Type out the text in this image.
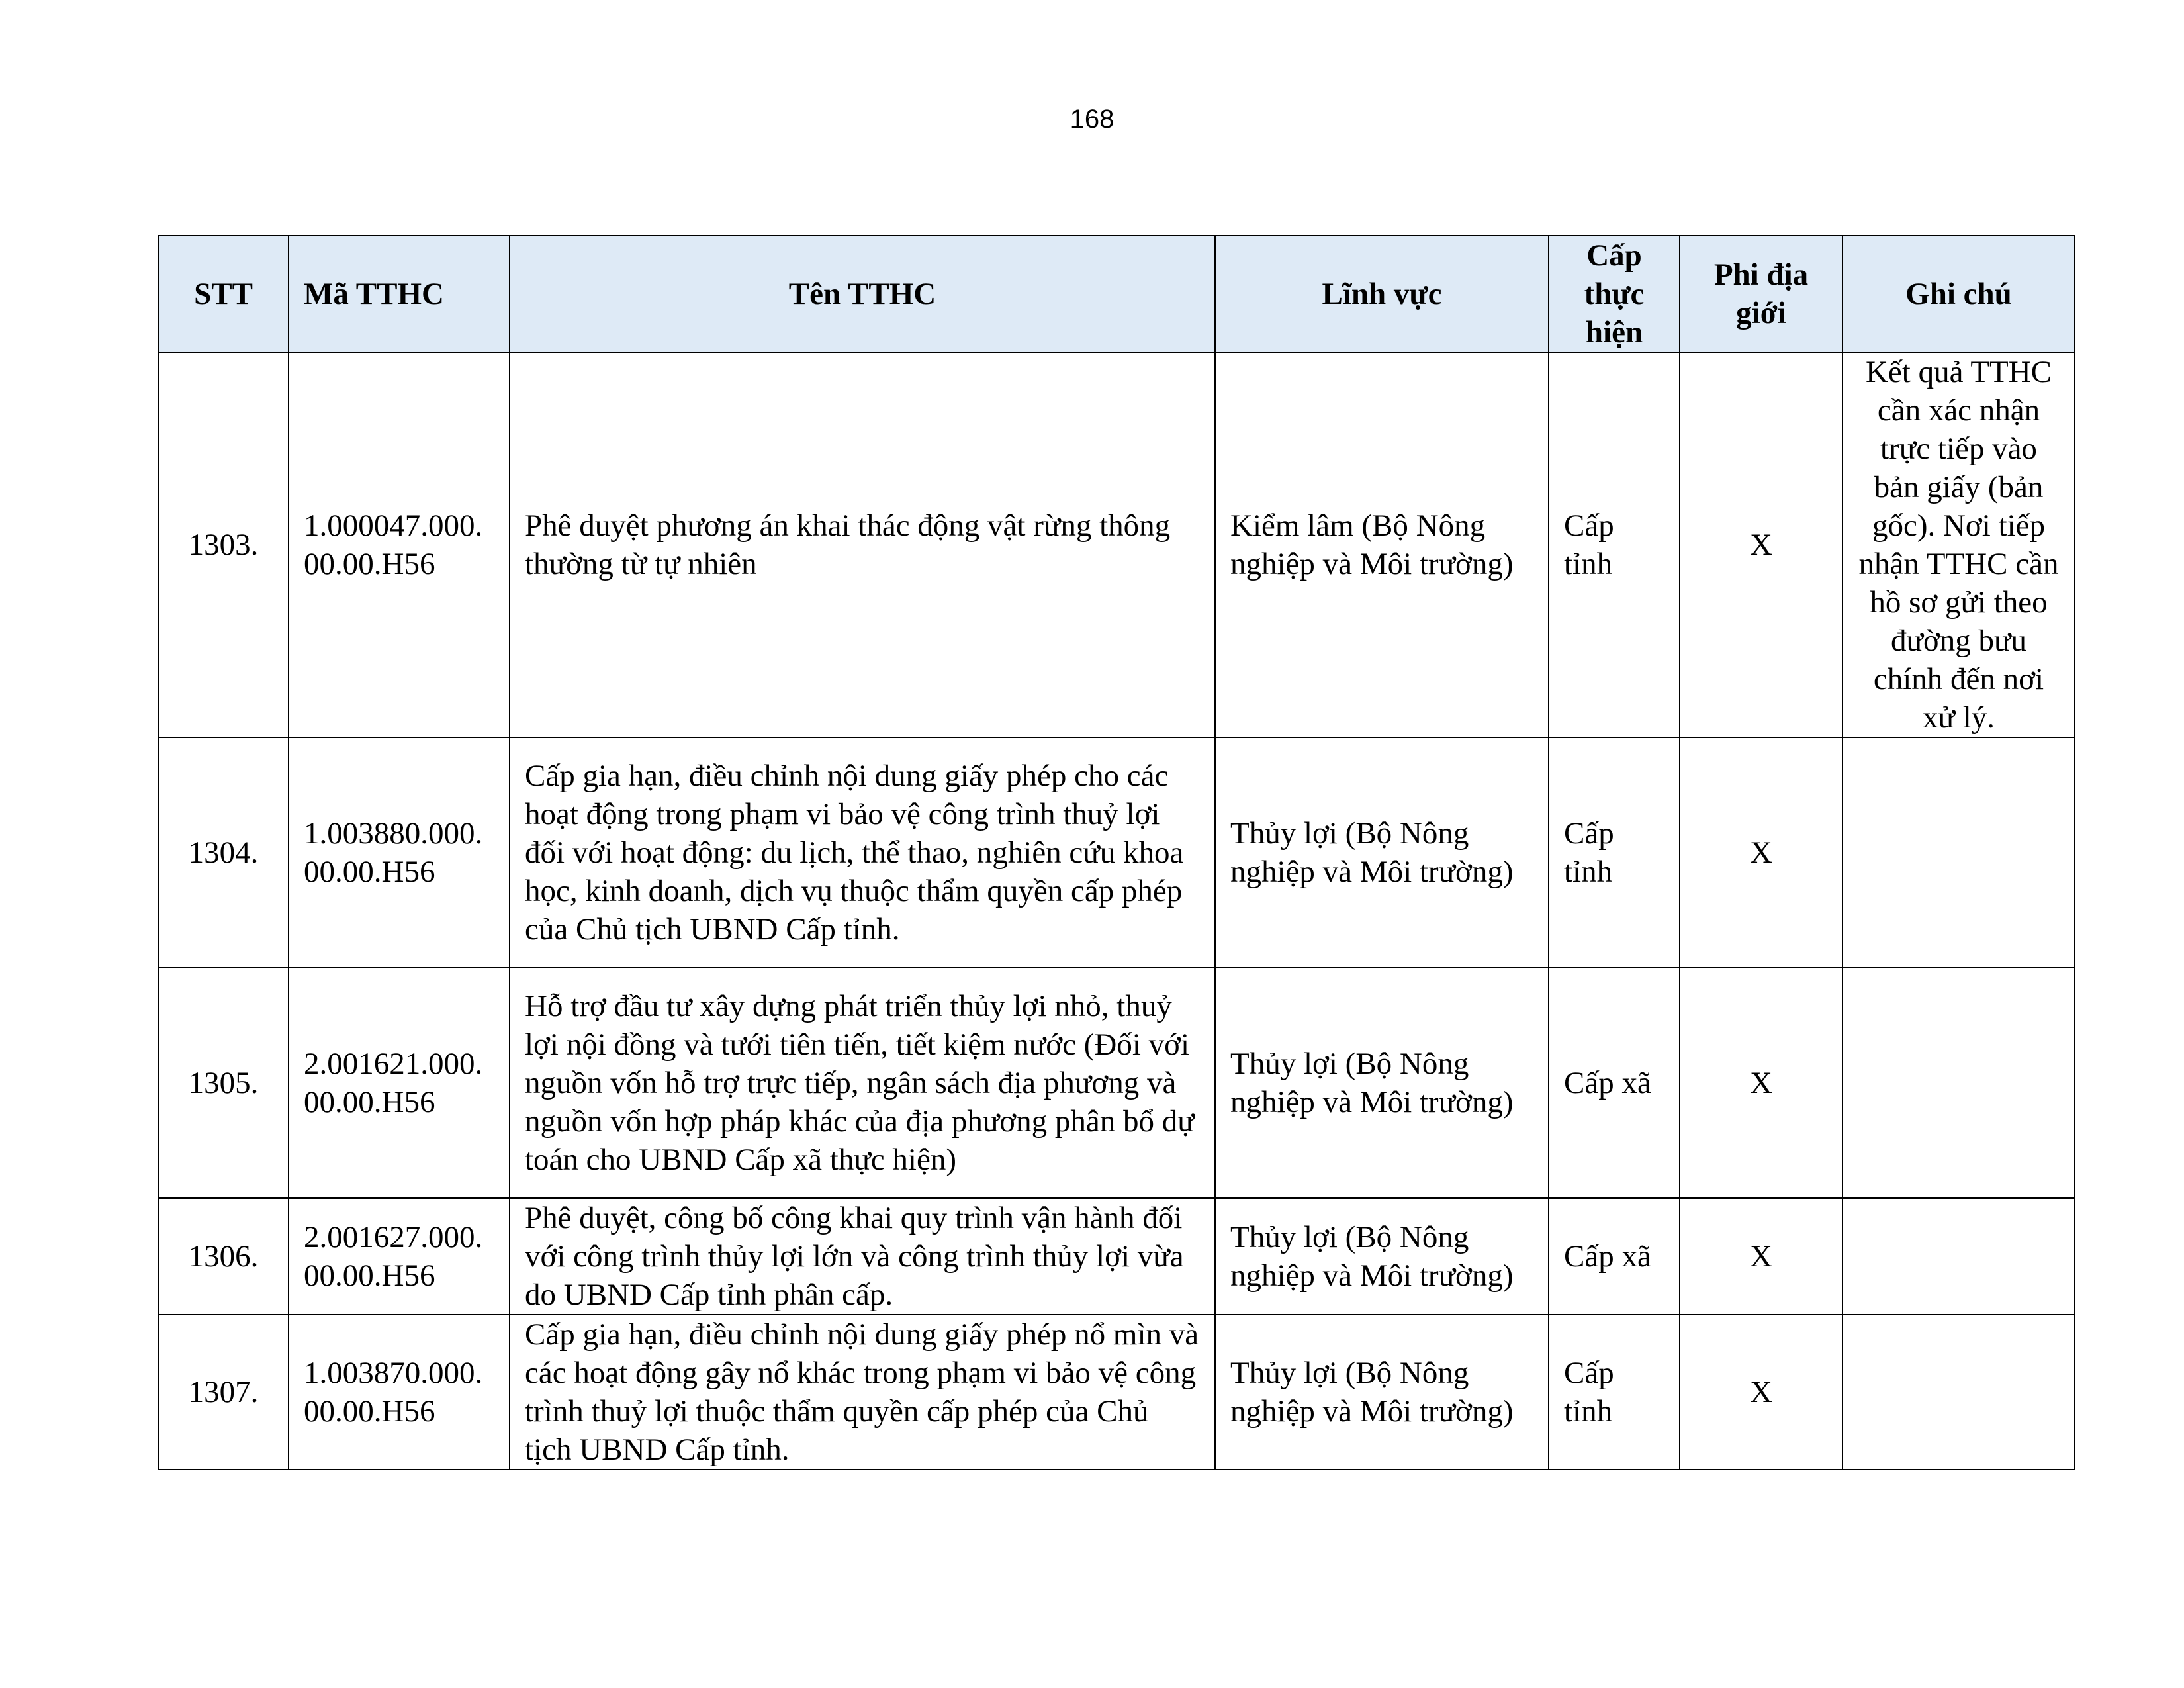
168
STT	Mã TTHC	Tên TTHC	Lĩnh vực	Cấp thực hiện	Phi địa giới	Ghi chú
1303.	1.000047.000.00.00.H56	Phê duyệt phương án khai thác động vật rừng thông thường từ tự nhiên	Kiểm lâm (Bộ Nông nghiệp và Môi trường)	Cấp tỉnh	X	Kết quả TTHC cần xác nhận trực tiếp vào bản giấy (bản gốc). Nơi tiếp nhận TTHC cần hồ sơ gửi theo đường bưu chính đến nơi xử lý.
1304.	1.003880.000.00.00.H56	Cấp gia hạn, điều chỉnh nội dung giấy phép cho các hoạt động trong phạm vi bảo vệ công trình thuỷ lợi đối với hoạt động: du lịch, thể thao, nghiên cứu khoa học, kinh doanh, dịch vụ thuộc thẩm quyền cấp phép của Chủ tịch UBND Cấp tỉnh.	Thủy lợi (Bộ Nông nghiệp và Môi trường)	Cấp tỉnh	X	
1305.	2.001621.000.00.00.H56	Hỗ trợ đầu tư xây dựng phát triển thủy lợi nhỏ, thuỷ lợi nội đồng và tưới tiên tiến, tiết kiệm nước (Đối với nguồn vốn hỗ trợ trực tiếp, ngân sách địa phương và nguồn vốn hợp pháp khác của địa phương phân bổ dự toán cho UBND Cấp xã thực hiện)	Thủy lợi (Bộ Nông nghiệp và Môi trường)	Cấp xã	X	
1306.	2.001627.000.00.00.H56	Phê duyệt, công bố công khai quy trình vận hành đối với công trình thủy lợi lớn và công trình thủy lợi vừa do UBND Cấp tỉnh phân cấp.	Thủy lợi (Bộ Nông nghiệp và Môi trường)	Cấp xã	X	
1307.	1.003870.000.00.00.H56	Cấp gia hạn, điều chỉnh nội dung giấy phép nổ mìn và các hoạt động gây nổ khác trong phạm vi bảo vệ công trình thuỷ lợi thuộc thẩm quyền cấp phép của Chủ tịch UBND Cấp tỉnh.	Thủy lợi (Bộ Nông nghiệp và Môi trường)	Cấp tỉnh	X	
